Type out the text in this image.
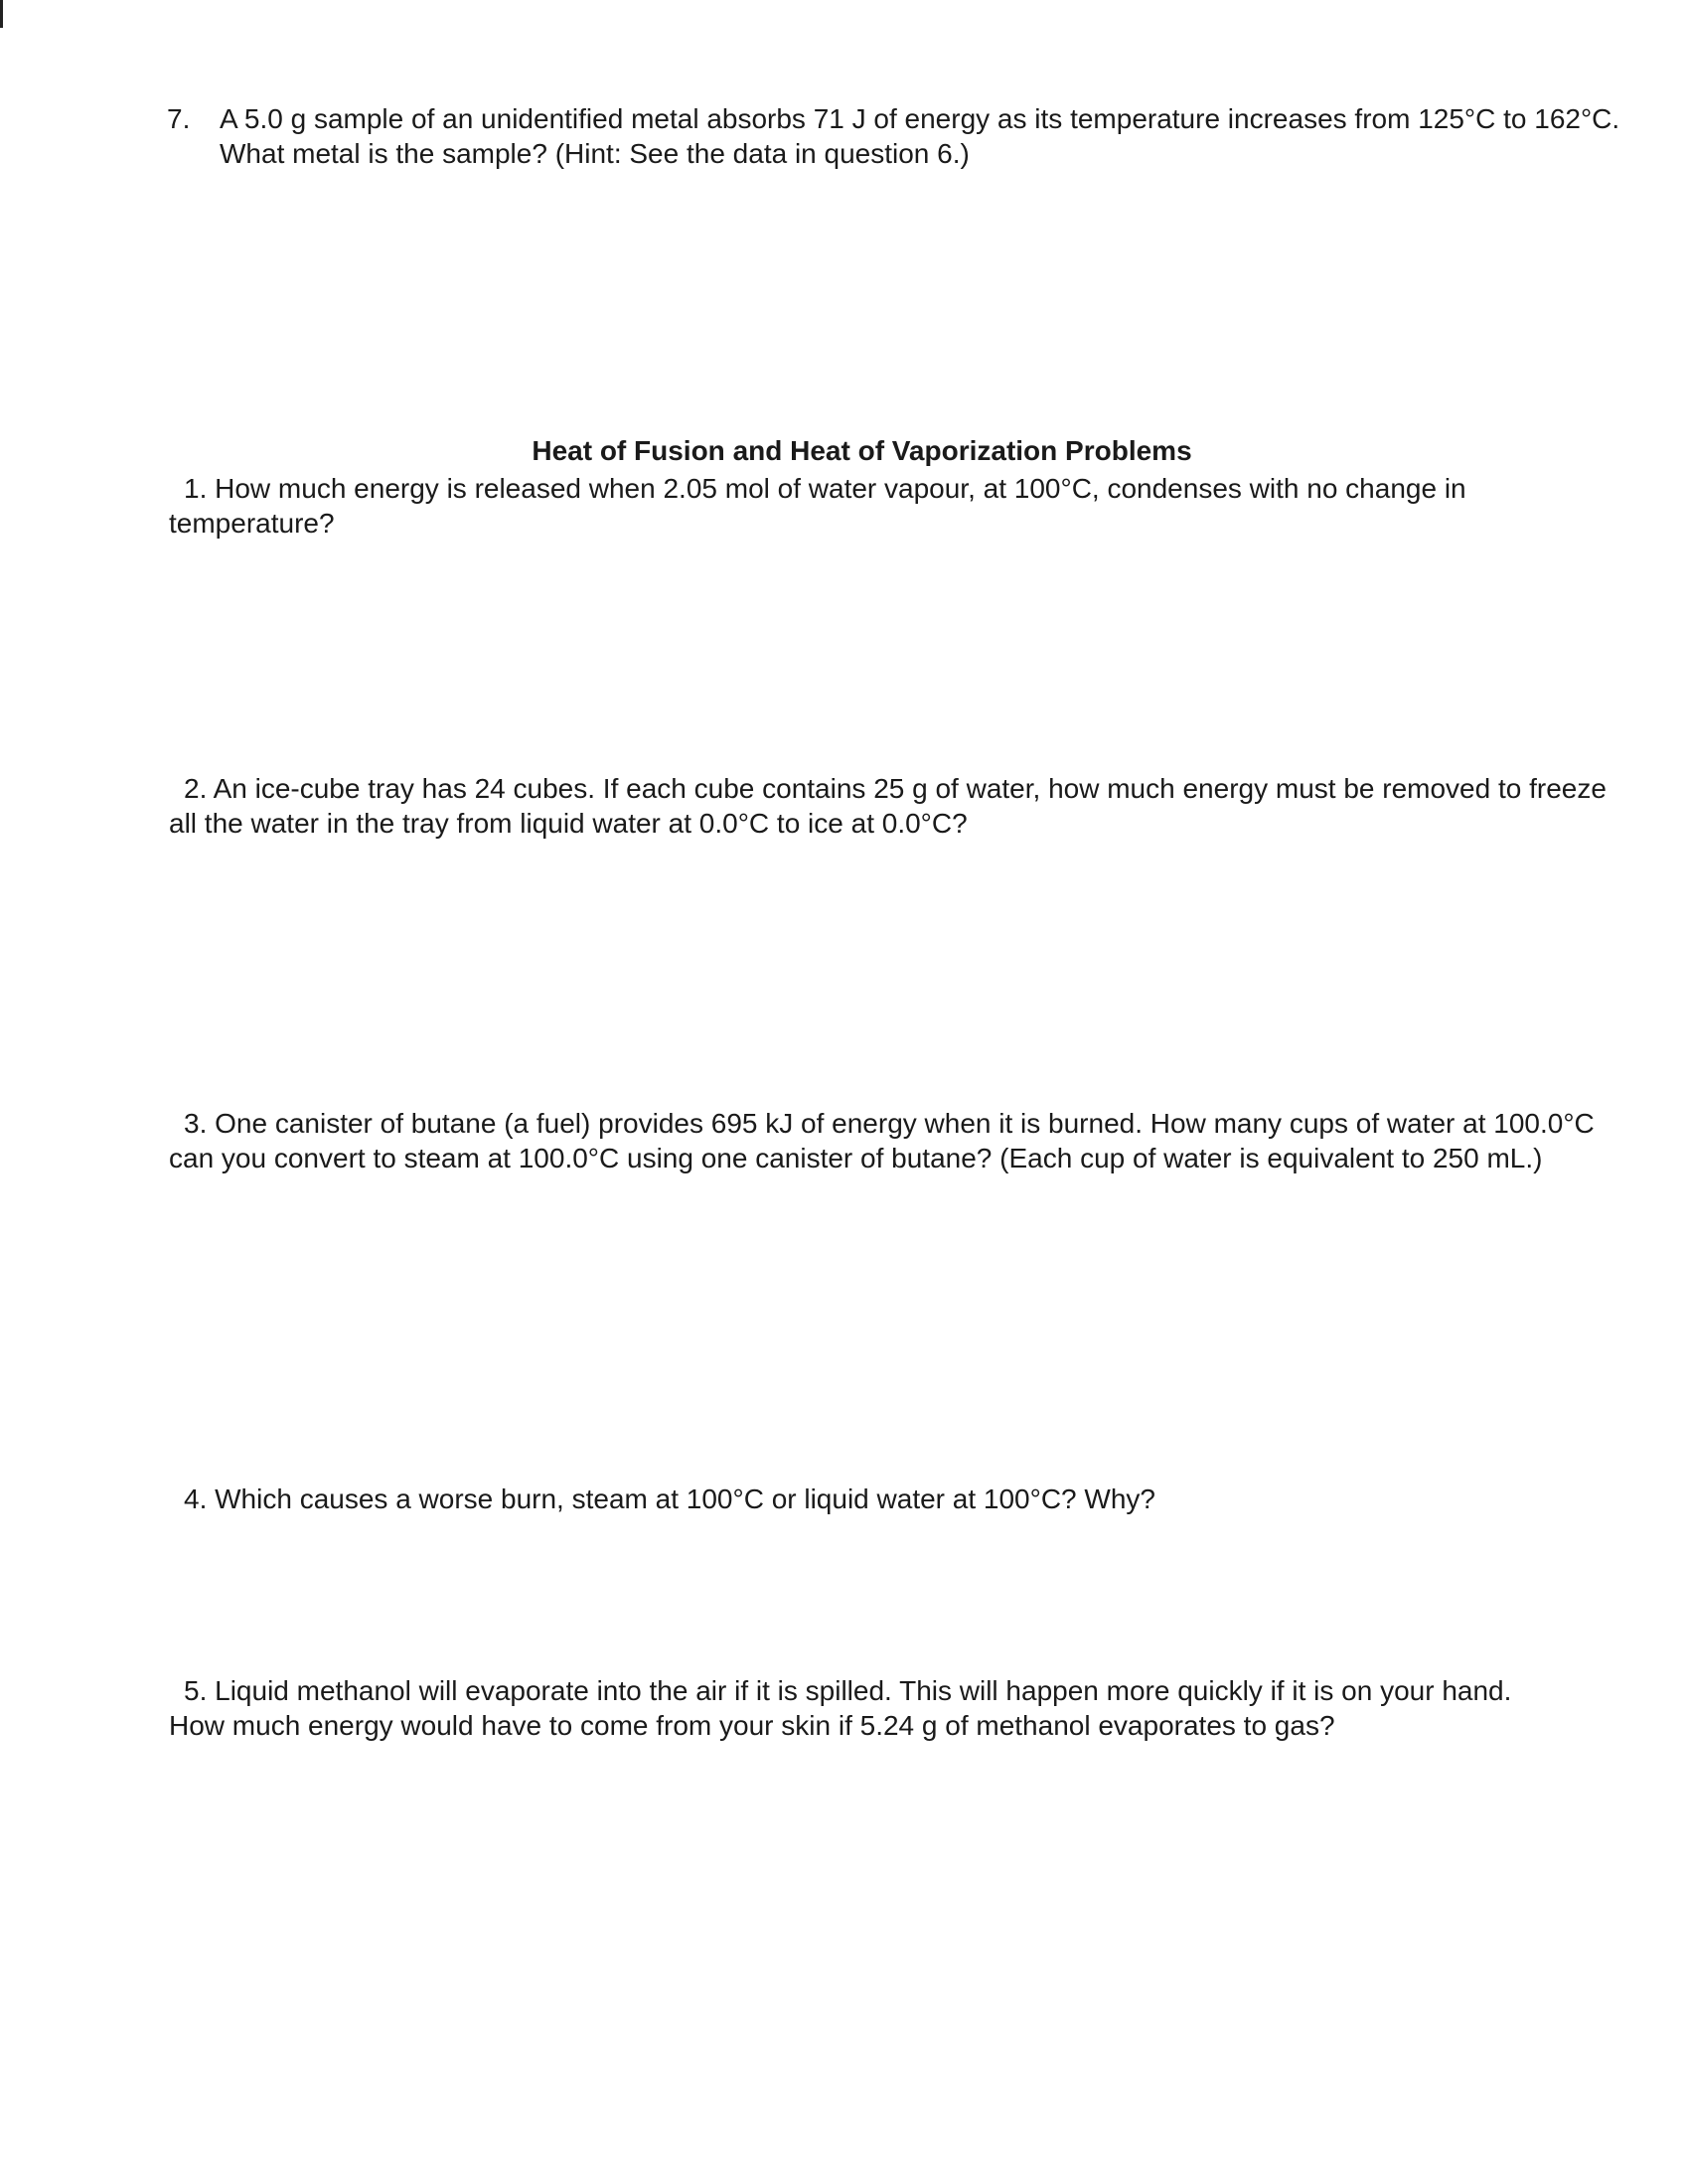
7. A 5.0 g sample of an unidentified metal absorbs 71 J of energy as its temperature increases from 125°C to 162°C.
What metal is the sample? (Hint: See the data in question 6.)
Heat of Fusion and Heat of Vaporization Problems
1. How much energy is released when 2.05 mol of water vapour, at 100°C, condenses with no change in
temperature?
2. An ice-cube tray has 24 cubes. If each cube contains 25 g of water, how much energy must be removed to freeze
all the water in the tray from liquid water at 0.0°C to ice at 0.0°C?
3. One canister of butane (a fuel) provides 695 kJ of energy when it is burned. How many cups of water at 100.0°C
can you convert to steam at 100.0°C using one canister of butane? (Each cup of water is equivalent to 250 mL.)
4. Which causes a worse burn, steam at 100°C or liquid water at 100°C? Why?
5. Liquid methanol will evaporate into the air if it is spilled. This will happen more quickly if it is on your hand.
How much energy would have to come from your skin if 5.24 g of methanol evaporates to gas?
